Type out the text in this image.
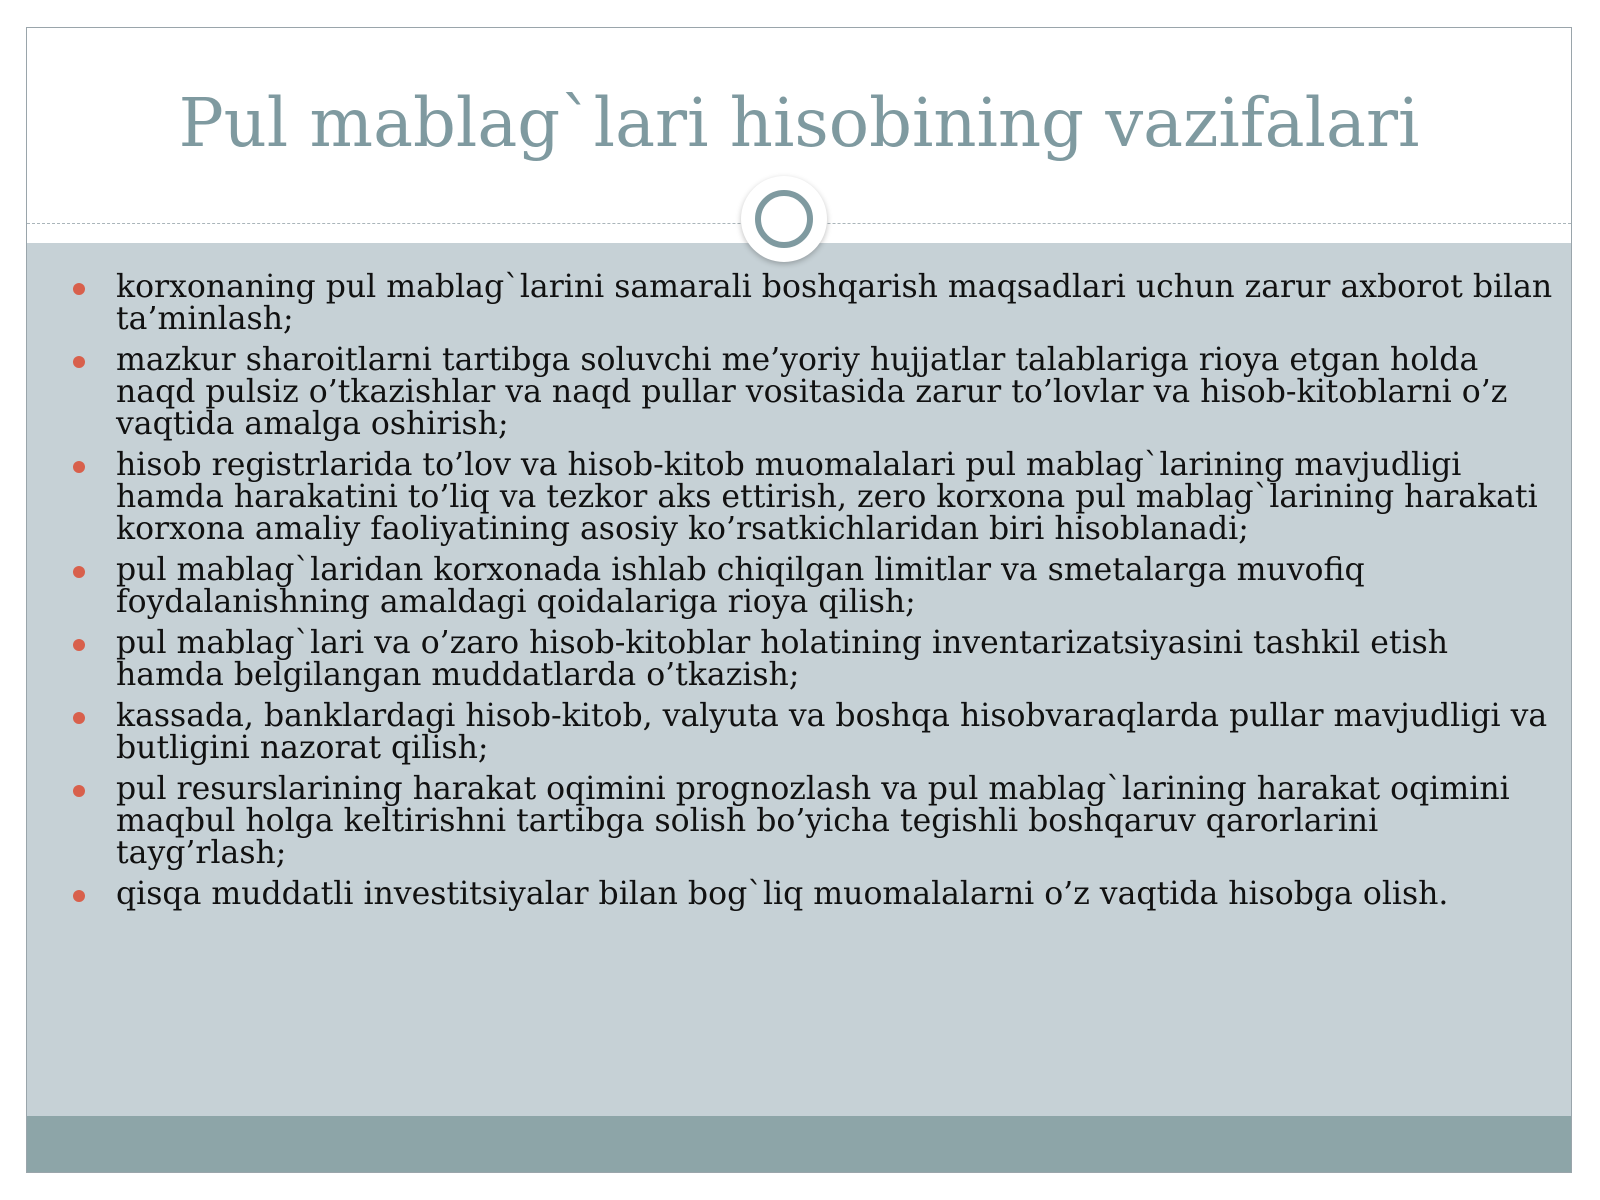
Pul mablag`lari hisobining vazifalari
korxonaning pul mablag`larini samarali boshqarish maqsadlari uchun zarur axborot bilan ta’minlash;
mazkur sharoitlarni tartibga soluvchi me’yoriy hujjatlar talablariga rioya etgan holda naqd pulsiz o’tkazishlar va naqd pullar vositasida zarur to’lovlar va hisob-kitoblarni o’z vaqtida amalga oshirish;
hisob registrlarida to’lov va hisob-kitob muomalalari pul mablag`larining mavjudligi hamda harakatini to’liq va tezkor aks ettirish, zero korxona pul mablag`larining harakati korxona amaliy faoliyatining asosiy ko’rsatkichlaridan biri hisoblanadi;
pul mablag`laridan korxonada ishlab chiqilgan limitlar va smetalarga muvofiq foydalanishning amaldagi qoidalariga rioya qilish;
pul mablag`lari va o’zaro hisob-kitoblar holatining inventarizatsiyasini tashkil etish hamda belgilangan muddatlarda o’tkazish;
kassada, banklardagi hisob-kitob, valyuta va boshqa hisobvaraqlarda pullar mavjudligi va butligini nazorat qilish;
pul resurslarining harakat oqimini prognozlash va pul mablag`larining harakat oqimini maqbul holga keltirishni tartibga solish bo’yicha tegishli boshqaruv qarorlarini tayg’rlash;
qisqa muddatli investitsiyalar bilan bog`liq muomalalarni o’z vaqtida hisobga olish.
